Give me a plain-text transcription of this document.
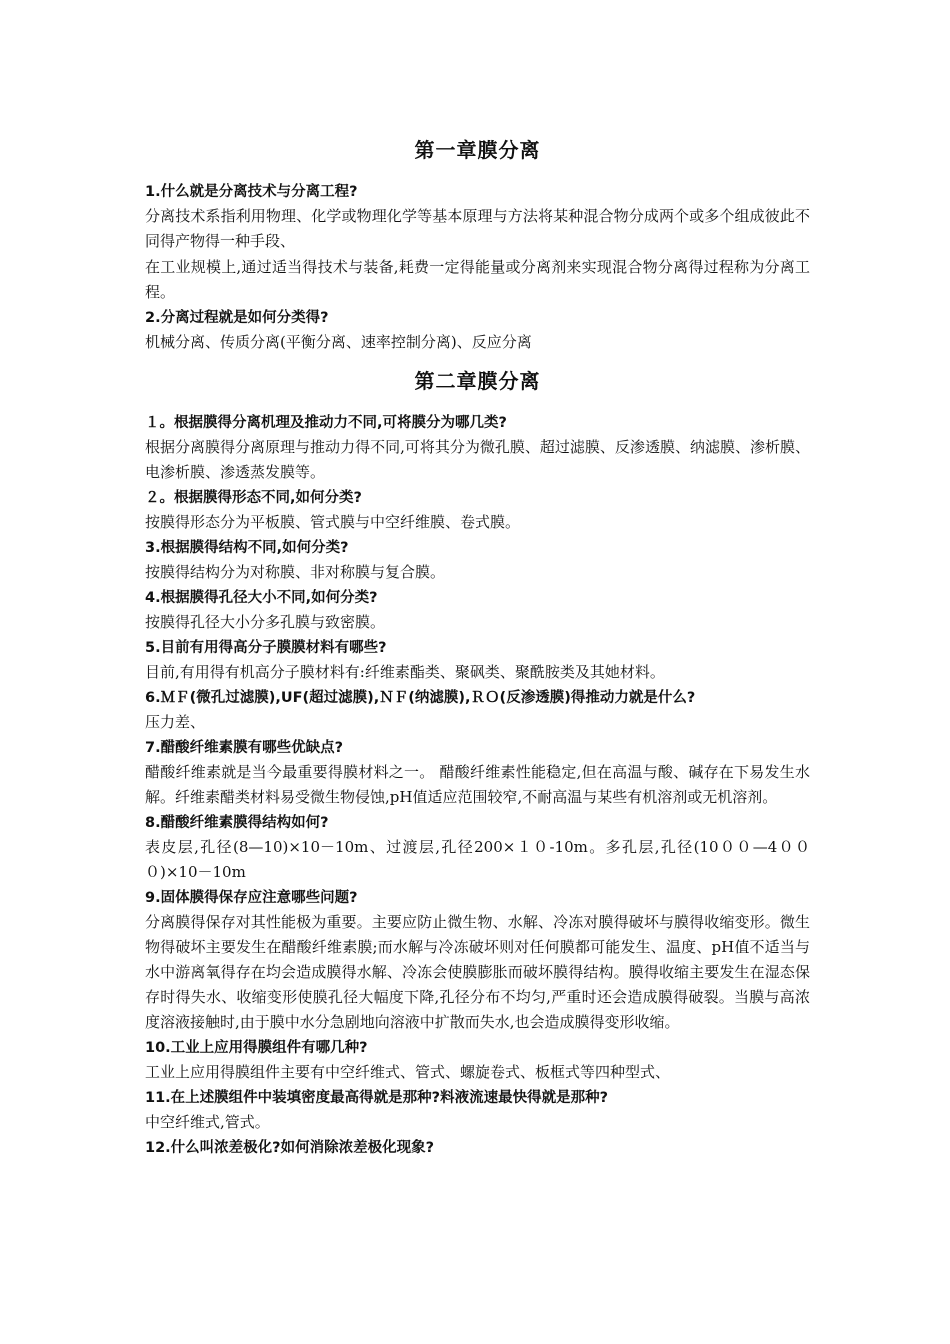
第一章膜分离

1.什么就是分离技术与分离工程?

分离技术系指利用物理、化学或物理化学等基本原理与方法将某种混合物分成两个或多个组成彼此不同得产物得一种手段、

在工业规模上,通过适当得技术与装备,耗费一定得能量或分离剂来实现混合物分离得过程称为分离工程。

2.分离过程就是如何分类得?

机械分离、传质分离(平衡分离、速率控制分离)、反应分离

第二章膜分离

１。根据膜得分离机理及推动力不同,可将膜分为哪几类?

根据分离膜得分离原理与推动力得不同,可将其分为微孔膜、超过滤膜、反渗透膜、纳滤膜、渗析膜、电渗析膜、渗透蒸发膜等。

２。根据膜得形态不同,如何分类?

按膜得形态分为平板膜、管式膜与中空纤维膜、卷式膜。

3.根据膜得结构不同,如何分类?

按膜得结构分为对称膜、非对称膜与复合膜。

4.根据膜得孔径大小不同,如何分类?

按膜得孔径大小分多孔膜与致密膜。

5.目前有用得高分子膜膜材料有哪些?

目前,有用得有机高分子膜材料有:纤维素酯类、聚砜类、聚酰胺类及其她材料。

6.ＭＦ(微孔过滤膜),UF(超过滤膜),ＮＦ(纳滤膜),ＲＯ(反渗透膜)得推动力就是什么?

压力差、

7.醋酸纤维素膜有哪些优缺点?

醋酸纤维素就是当今最重要得膜材料之一。 醋酸纤维素性能稳定,但在高温与酸、碱存在下易发生水解。纤维素醋类材料易受微生物侵蚀,pH值适应范围较窄,不耐高温与某些有机溶剂或无机溶剂。

8.醋酸纤维素膜得结构如何?

表皮层,孔径(8—10)×10－10m、过渡层,孔径200×１０-10m。多孔层,孔径(10００—4０００)×10－10m

9.固体膜得保存应注意哪些问题?

分离膜得保存对其性能极为重要。主要应防止微生物、水解、冷冻对膜得破坏与膜得收缩变形。微生物得破坏主要发生在醋酸纤维素膜;而水解与冷冻破坏则对任何膜都可能发生、温度、pH值不适当与水中游离氧得存在均会造成膜得水解、冷冻会使膜膨胀而破坏膜得结构。膜得收缩主要发生在湿态保存时得失水、收缩变形使膜孔径大幅度下降,孔径分布不均匀,严重时还会造成膜得破裂。当膜与高浓度溶液接触时,由于膜中水分急剧地向溶液中扩散而失水,也会造成膜得变形收缩。

10.工业上应用得膜组件有哪几种?

工业上应用得膜组件主要有中空纤维式、管式、螺旋卷式、板框式等四种型式、

11.在上述膜组件中装填密度最高得就是那种?料液流速最快得就是那种?

中空纤维式,管式。

12.什么叫浓差极化?如何消除浓差极化现象?
